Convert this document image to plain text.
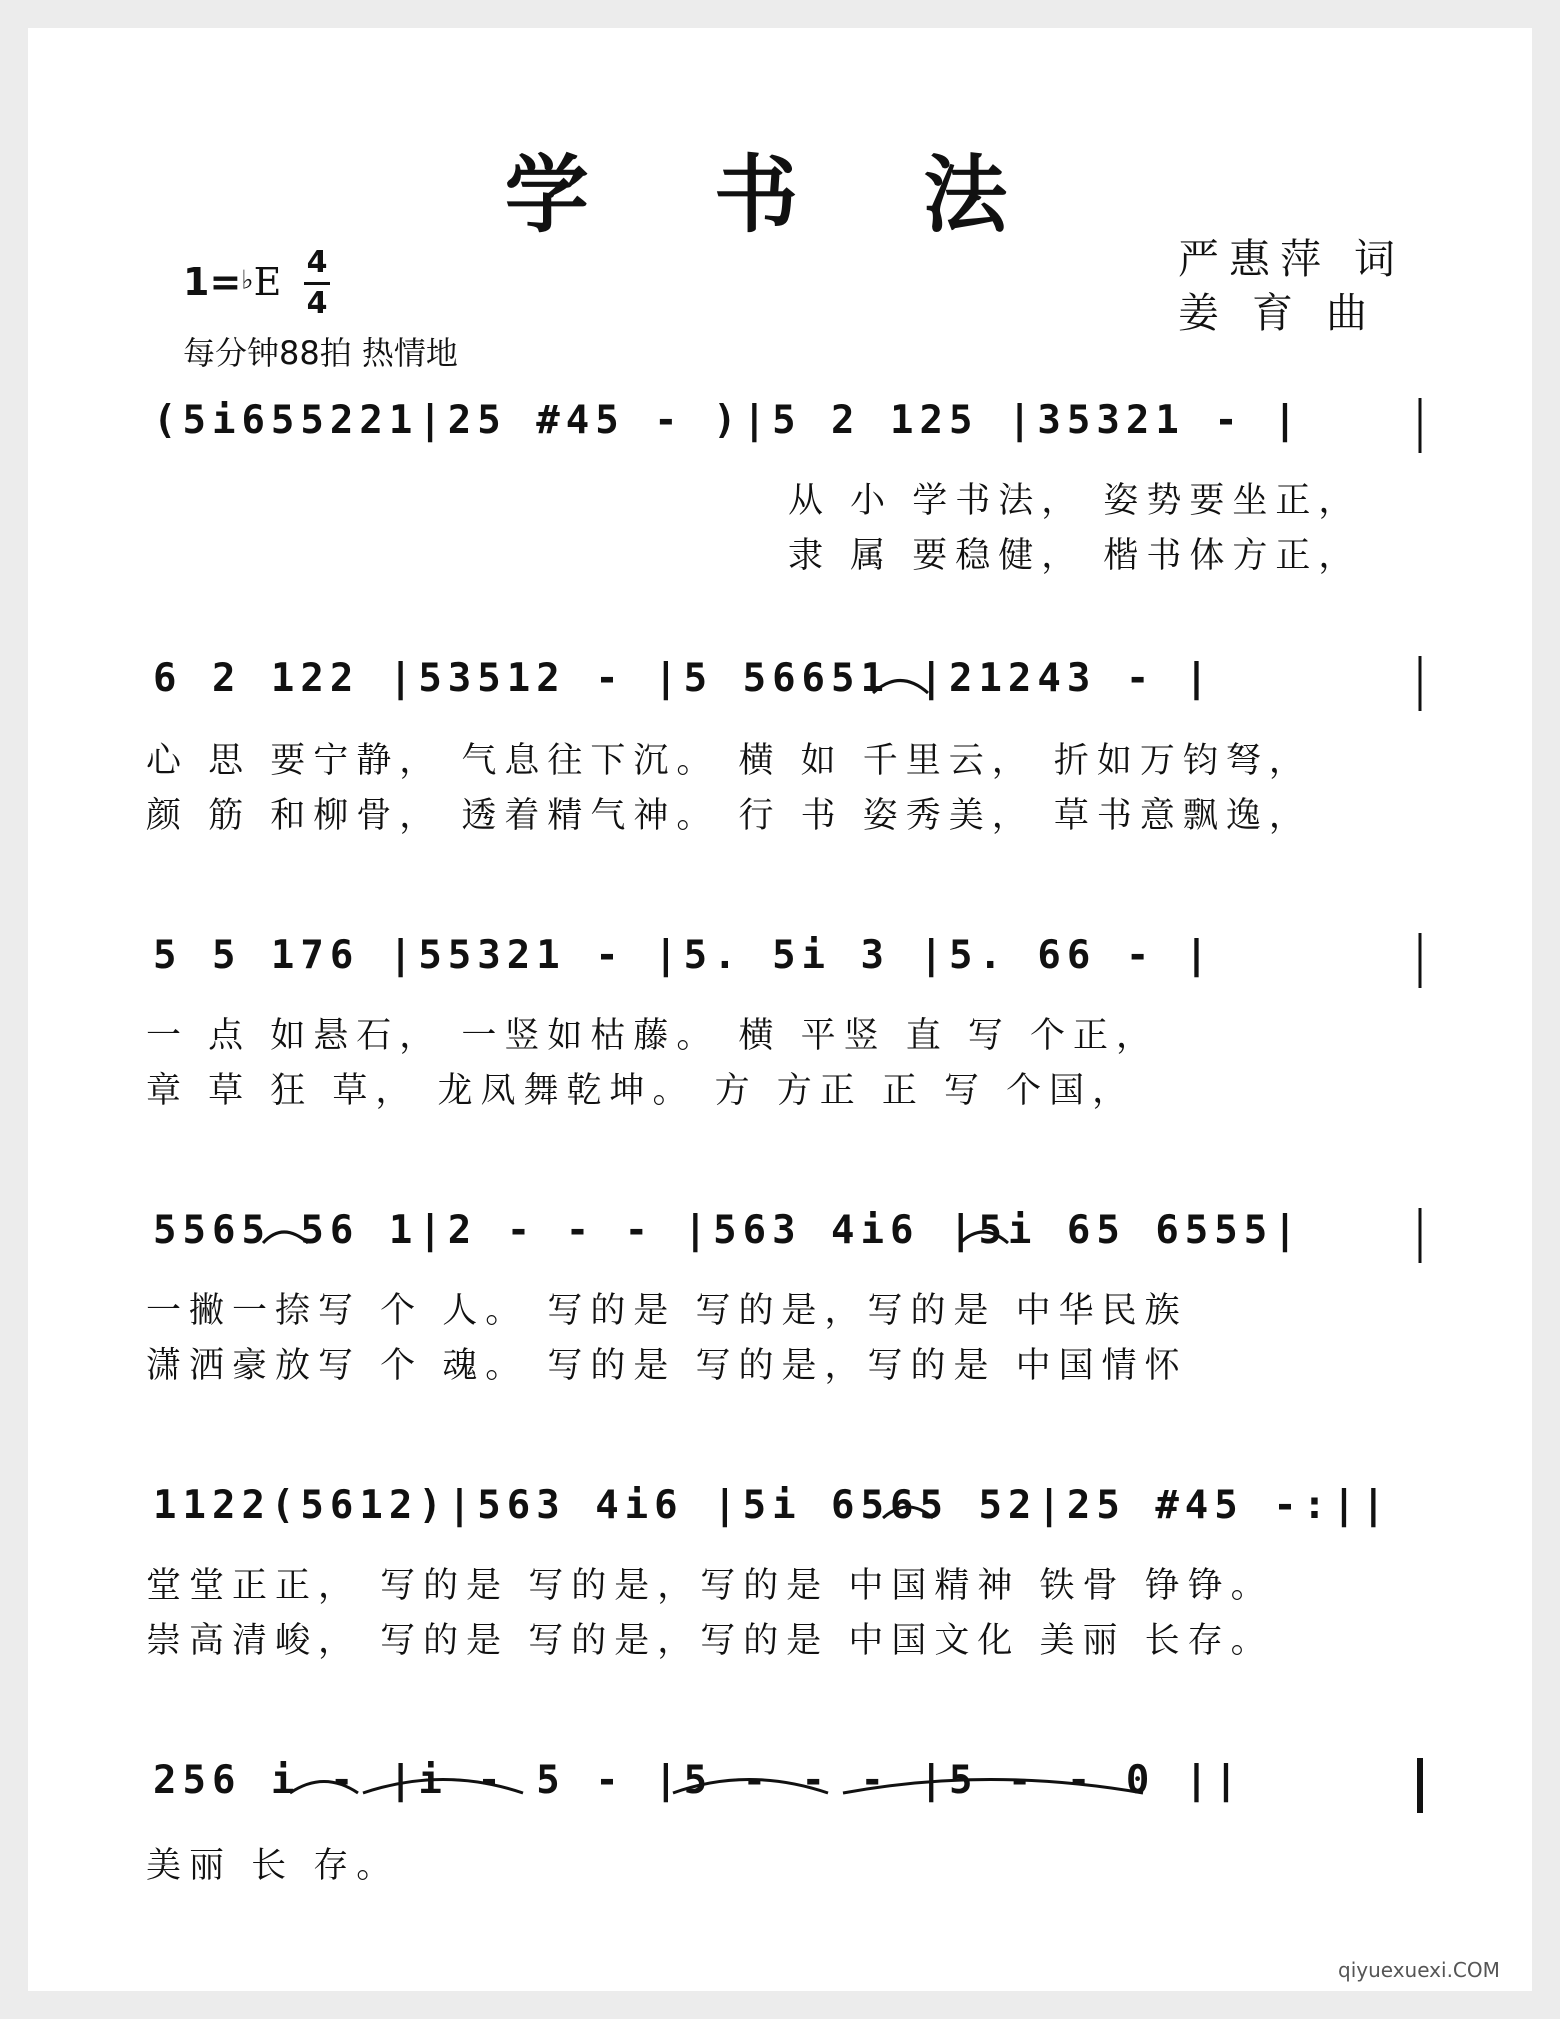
学 书 法
严惠萍 词
姜 育 曲
1=♭E 4
4
每分钟88拍 热情地
(5i655221|25 #45 - )|5 2 125 |35321 - |
从 小 学书法， 姿势要坐正，
隶 属 要稳健， 楷书体方正，
6 2 122 |53512 - |5 56651 |21243 - |
心 思 要宁静， 气息往下沉。 横 如 千里云， 折如万钧弩，
颜 筋 和柳骨， 透着精气神。 行 书 姿秀美， 草书意飘逸，
5 5 176 |55321 - |5. 5i 3 |5. 66 - |
一 点 如悬石， 一竖如枯藤。 横 平竖 直 写 个正，
章 草 狂 草， 龙凤舞乾坤。 方 方正 正 写 个国，
5565 56 1|2 - - - |563 4i6 |5i 65 6555|
一撇一捺写 个 人。 写的是 写的是，写的是 中华民族
潇洒豪放写 个 魂。 写的是 写的是，写的是 中国情怀
1122(5612)|563 4i6 |5i 6565 52|25 #45 -:||
堂堂正正， 写的是 写的是，写的是 中国精神 铁骨 铮铮。
崇高清峻， 写的是 写的是，写的是 中国文化 美丽 长存。
256 i - |i - 5 - |5 - - - |5 - - 0 ||
美丽 长 存。
qiyuexuexi.COM
